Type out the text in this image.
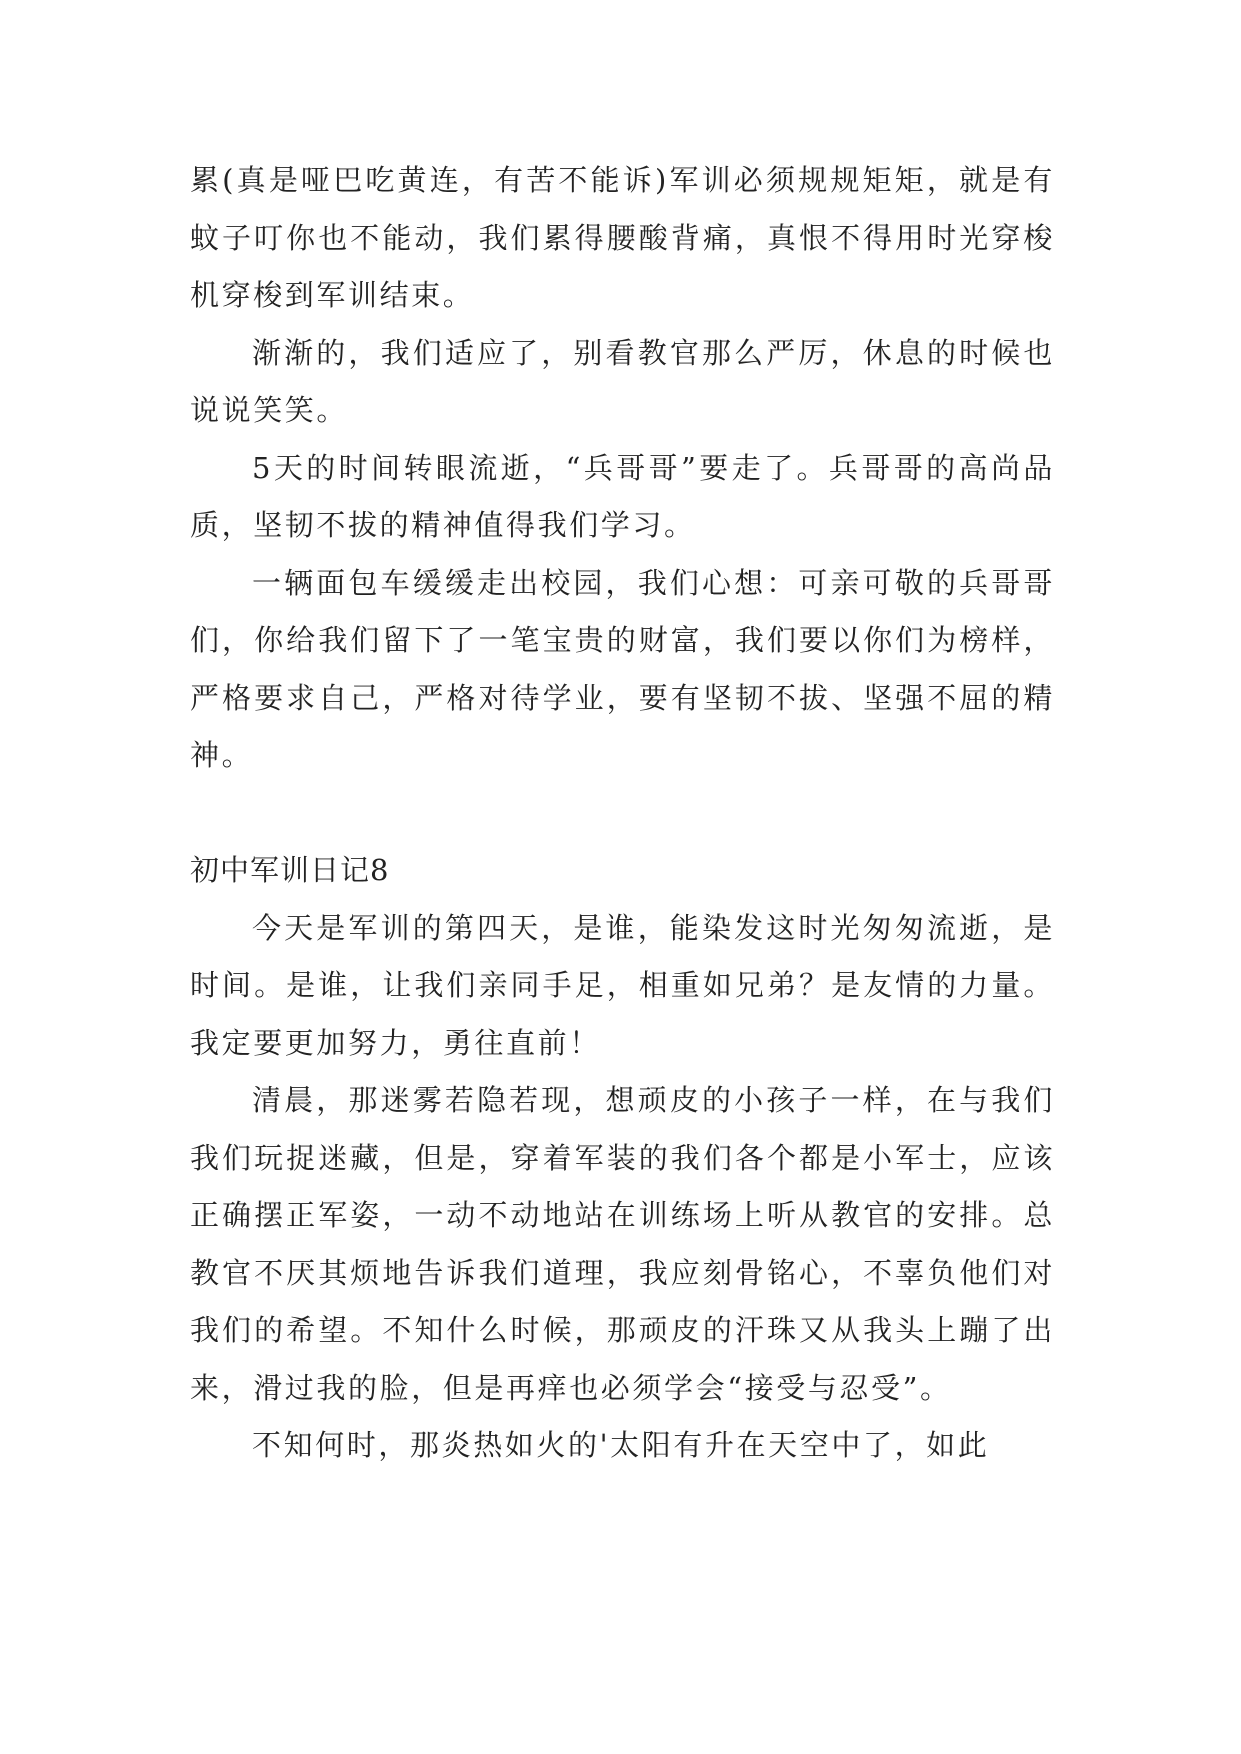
累(真是哑巴吃黄连，有苦不能诉)军训必须规规矩矩，就是有蚊子叮你也不能动，我们累得腰酸背痛，真恨不得用时光穿梭机穿梭到军训结束。

渐渐的，我们适应了，别看教官那么严厉，休息的时候也说说笑笑。

5天的时间转眼流逝，“兵哥哥”要走了。兵哥哥的高尚品质，坚韧不拔的精神值得我们学习。

一辆面包车缓缓走出校园，我们心想：可亲可敬的兵哥哥们，你给我们留下了一笔宝贵的财富，我们要以你们为榜样，严格要求自己，严格对待学业，要有坚韧不拔、坚强不屈的精神。

初中军训日记8

今天是军训的第四天，是谁，能染发这时光匆匆流逝，是时间。是谁，让我们亲同手足，相重如兄弟？是友情的力量。我定要更加努力，勇往直前！

清晨，那迷雾若隐若现，想顽皮的小孩子一样，在与我们我们玩捉迷藏，但是，穿着军装的我们各个都是小军士，应该正确摆正军姿，一动不动地站在训练场上听从教官的安排。总教官不厌其烦地告诉我们道理，我应刻骨铭心，不辜负他们对我们的希望。不知什么时候，那顽皮的汗珠又从我头上蹦了出来，滑过我的脸，但是再痒也必须学会“接受与忍受”。

不知何时，那炎热如火的'太阳有升在天空中了，如此
